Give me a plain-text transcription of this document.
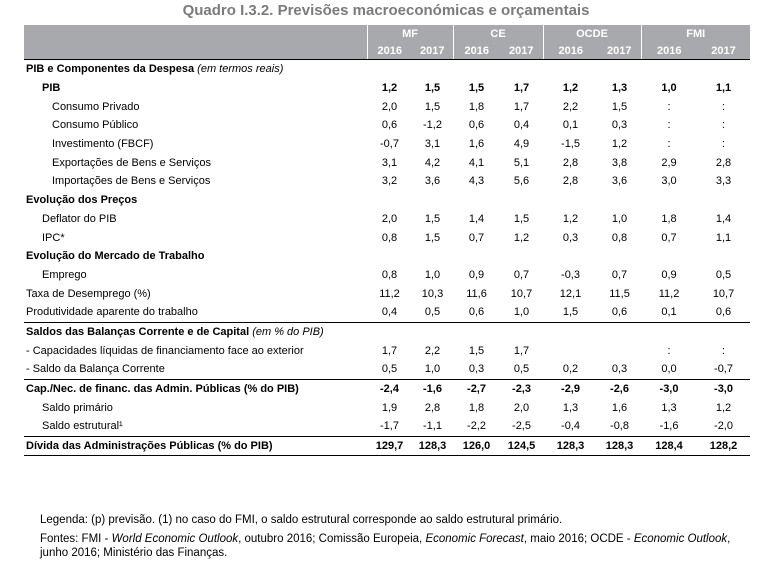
Quadro I.3.2. Previsões macroeconómicas e orçamentais
	MF		CE		OCDE		FMI	
	2016	2017	2016	2017	2016	2017	2016	2017
PIB e Componentes da Despesa (em termos reais)								
PIB	1,2	1,5	1,5	1,7	1,2	1,3	1,0	1,1
Consumo Privado	2,0	1,5	1,8	1,7	2,2	1,5	:	:
Consumo Público	0,6	-1,2	0,6	0,4	0,1	0,3	:	:
Investimento (FBCF)	-0,7	3,1	1,6	4,9	-1,5	1,2	:	:
Exportações de Bens e Serviços	3,1	4,2	4,1	5,1	2,8	3,8	2,9	2,8
Importações de Bens e Serviços	3,2	3,6	4,3	5,6	2,8	3,6	3,0	3,3
Evolução dos Preços								
Deflator do PIB	2,0	1,5	1,4	1,5	1,2	1,0	1,8	1,4
IPC*	0,8	1,5	0,7	1,2	0,3	0,8	0,7	1,1
Evolução do Mercado de Trabalho								
Emprego	0,8	1,0	0,9	0,7	-0,3	0,7	0,9	0,5
Taxa de Desemprego (%)	11,2	10,3	11,6	10,7	12,1	11,5	11,2	10,7
Produtividade aparente do trabalho	0,4	0,5	0,6	1,0	1,5	0,6	0,1	0,6
Saldos das Balanças Corrente e de Capital (em % do PIB)								
- Capacidades líquidas de financiamento face ao exterior	1,7	2,2	1,5	1,7			:	:
- Saldo da Balança Corrente	0,5	1,0	0,3	0,5	0,2	0,3	0,0	-0,7
Cap./Nec. de financ. das Admin. Públicas (% do PIB)	-2,4	-1,6	-2,7	-2,3	-2,9	-2,6	-3,0	-3,0
Saldo primário	1,9	2,8	1,8	2,0	1,3	1,6	1,3	1,2
Saldo estrutural¹	-1,7	-1,1	-2,2	-2,5	-0,4	-0,8	-1,6	-2,0
Dívida das Administrações Públicas (% do PIB)	129,7	128,3	126,0	124,5	128,3	128,3	128,4	128,2
Legenda: (p) previsão. (1) no caso do FMI, o saldo estrutural corresponde ao saldo estrutural primário.
Fontes: FMI - World Economic Outlook, outubro 2016; Comissão Europeia, Economic Forecast, maio 2016; OCDE - Economic Outlook, junho 2016; Ministério das Finanças.
